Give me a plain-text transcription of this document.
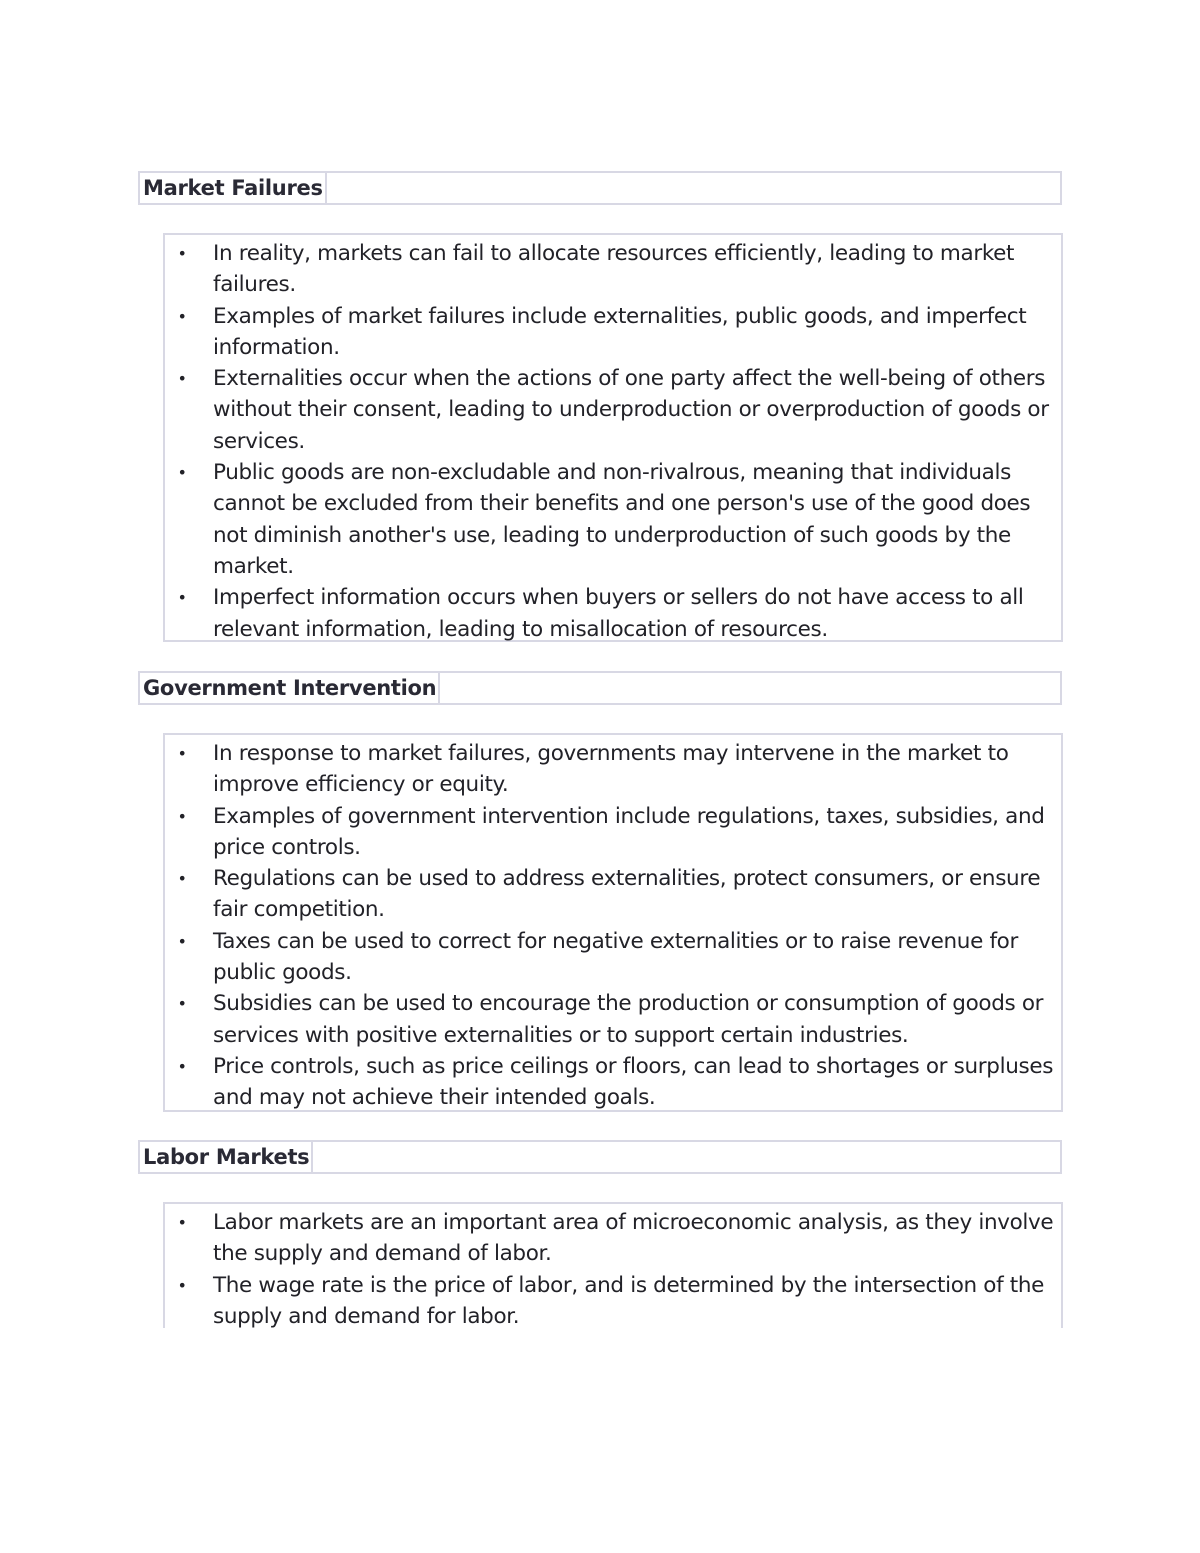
Market Failures
• In reality, markets can fail to allocate resources efficiently, leading to market failures.
• Examples of market failures include externalities, public goods, and imperfect information.
• Externalities occur when the actions of one party affect the well-being of others without their consent, leading to underproduction or overproduction of goods or services.
• Public goods are non-excludable and non-rivalrous, meaning that individuals cannot be excluded from their benefits and one person's use of the good does not diminish another's use, leading to underproduction of such goods by the market.
• Imperfect information occurs when buyers or sellers do not have access to all relevant information, leading to misallocation of resources.
Government Intervention
• In response to market failures, governments may intervene in the market to improve efficiency or equity.
• Examples of government intervention include regulations, taxes, subsidies, and price controls.
• Regulations can be used to address externalities, protect consumers, or ensure fair competition.
• Taxes can be used to correct for negative externalities or to raise revenue for public goods.
• Subsidies can be used to encourage the production or consumption of goods or services with positive externalities or to support certain industries.
• Price controls, such as price ceilings or floors, can lead to shortages or surpluses and may not achieve their intended goals.
Labor Markets
• Labor markets are an important area of microeconomic analysis, as they involve the supply and demand of labor.
• The wage rate is the price of labor, and is determined by the intersection of the supply and demand for labor.
